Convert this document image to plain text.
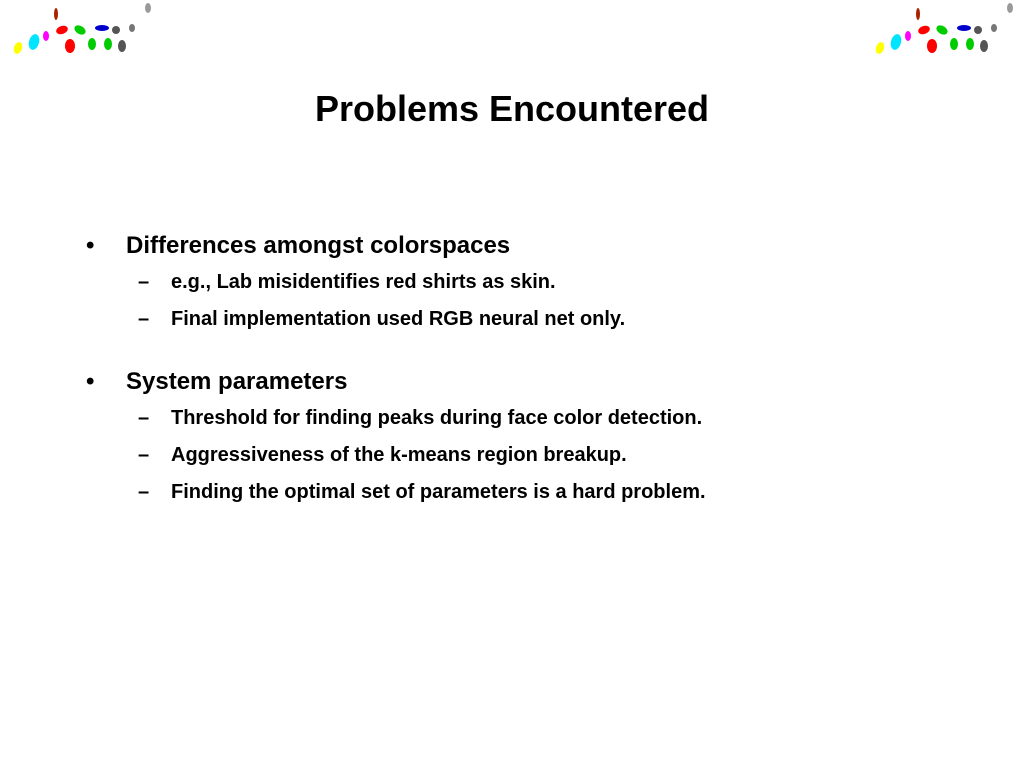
Problems Encountered
• Differences amongst colorspaces
– e.g., Lab misidentifies red shirts as skin.
– Final implementation used RGB neural net only.
• System parameters
– Threshold for finding peaks during face color detection.
– Aggressiveness of the k-means region breakup.
– Finding the optimal set of parameters is a hard problem.
